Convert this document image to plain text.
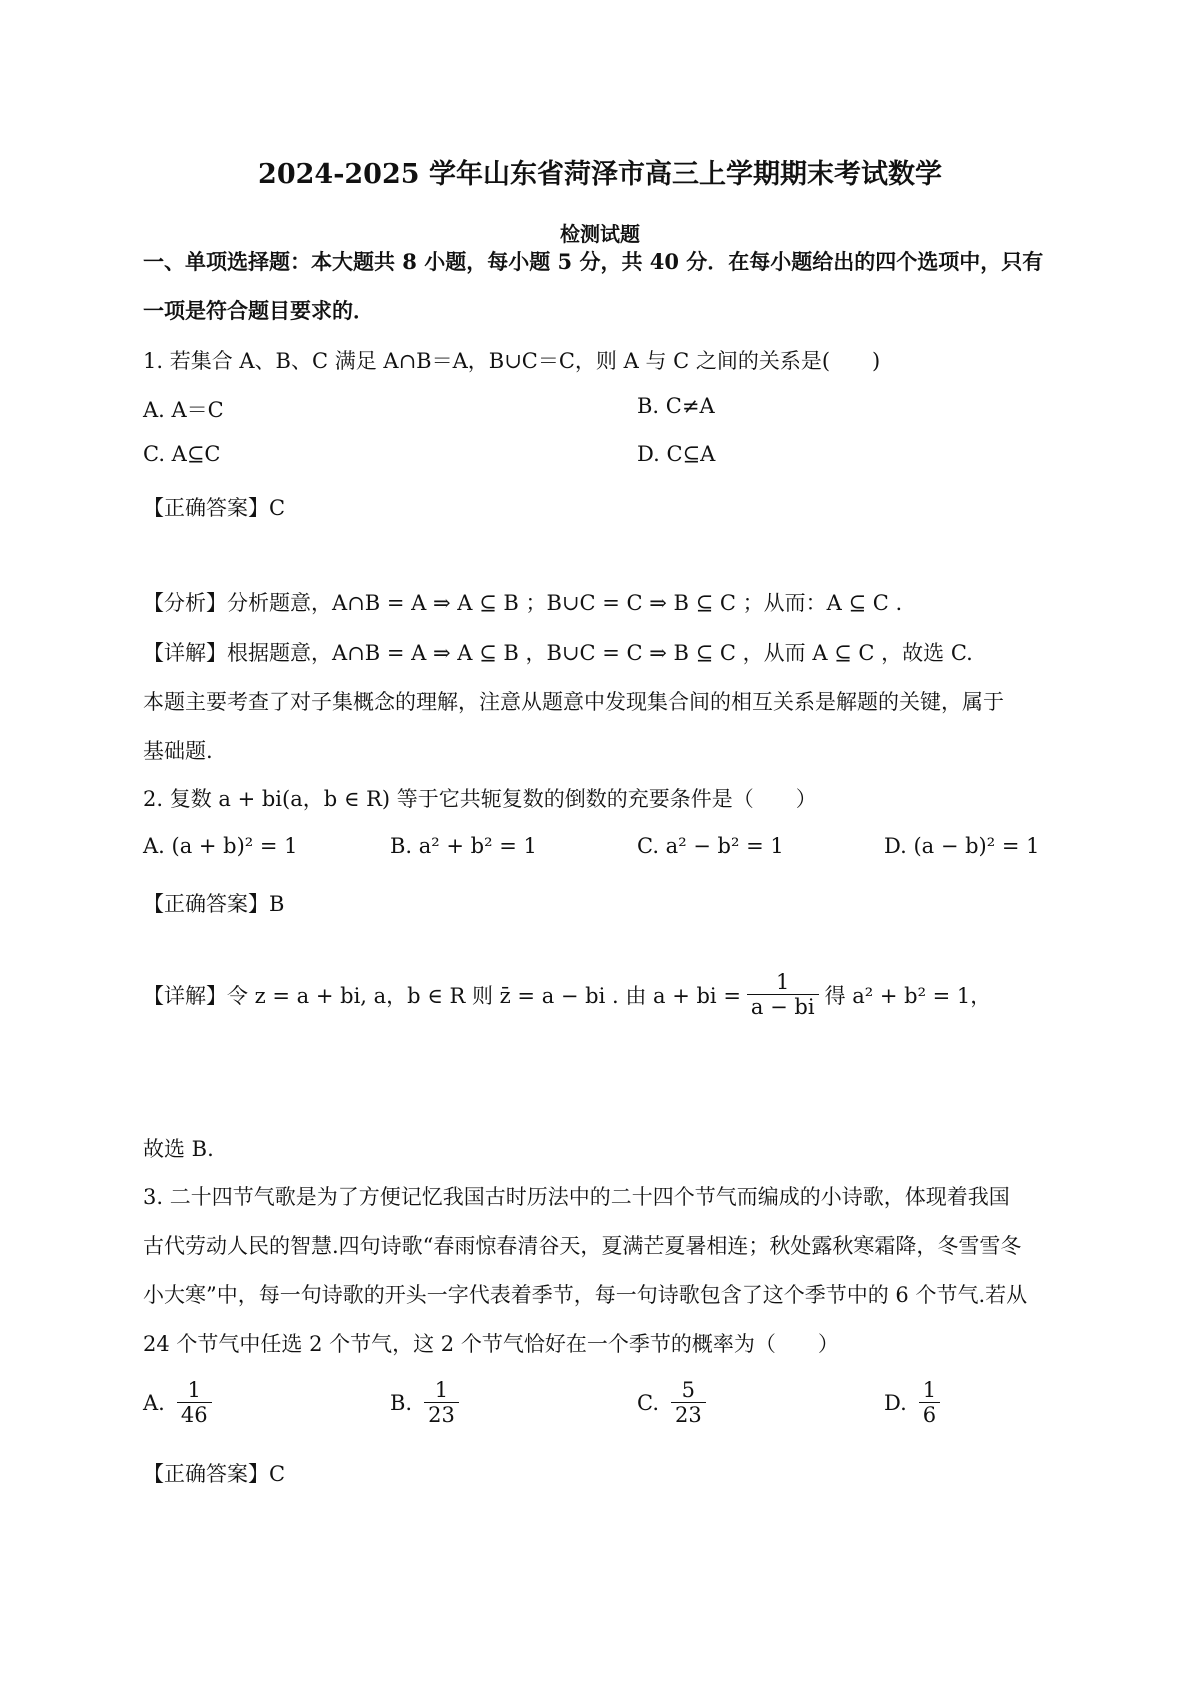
2024-2025 学年山东省菏泽市高三上学期期末考试数学
检测试题
一、单项选择题：本大题共 8 小题，每小题 5 分，共 40 分．在每小题给出的四个选项中，只有
一项是符合题目要求的．
1. 若集合 A、B、C 满足 A∩B＝A，B∪C＝C，则 A 与 C 之间的关系是(　　)
A. A＝C	B. C≠A
C. A⊆C	D. C⊆A
【正确答案】C
【分析】分析题意，A∩B = A ⇒ A ⊆ B ；B∪C = C ⇒ B ⊆ C ；从而：A ⊆ C .
【详解】根据题意，A∩B = A ⇒ A ⊆ B ，B∪C = C ⇒ B ⊆ C ，从而 A ⊆ C ，故选 C.
本题主要考查了对子集概念的理解，注意从题意中发现集合间的相互关系是解题的关键，属于
基础题.
2. 复数 a + bi(a，b ∈ R) 等于它共轭复数的倒数的充要条件是（　　）
A. (a + b)² = 1	B. a² + b² = 1	C. a² − b² = 1	D. (a − b)² = 1
【正确答案】B
【详解】令 z = a + bi, a，b ∈ R 则 z̄ = a − bi . 由 a + bi = $\frac{1}{a - bi}$ 得 a² + b² = 1，
故选 B.
3. 二十四节气歌是为了方便记忆我国古时历法中的二十四个节气而编成的小诗歌，体现着我国
古代劳动人民的智慧.四句诗歌“春雨惊春清谷天，夏满芒夏暑相连；秋处露秋寒霜降，冬雪雪冬
小大寒”中，每一句诗歌的开头一字代表着季节，每一句诗歌包含了这个季节中的 6 个节气.若从
24 个节气中任选 2 个节气，这 2 个节气恰好在一个季节的概率为（　　）
A. $\frac{1}{46}$	B. $\frac{1}{23}$	C. $\frac{5}{23}$	D. $\frac{1}{6}$
【正确答案】C
